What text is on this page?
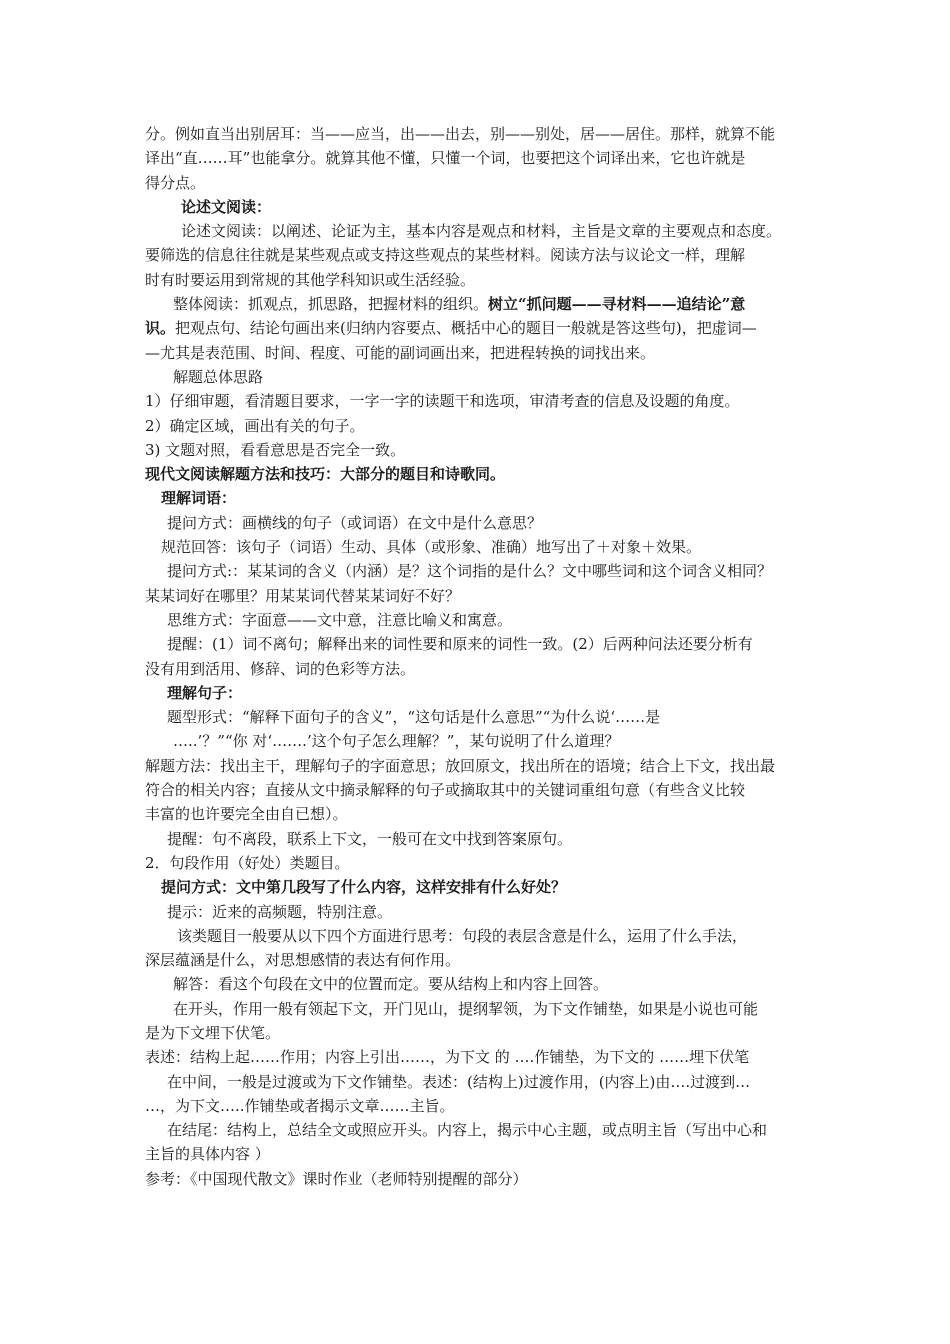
分。例如直当出别居耳：当——应当，出——出去，别——别处，居——居住。那样，就算不能
译出“直……耳”也能拿分。就算其他不懂，只懂一个词，也要把这个词译出来，它也许就是
得分点。
论述文阅读：
论述文阅读：以阐述、论证为主，基本内容是观点和材料，主旨是文章的主要观点和态度。
要筛选的信息往往就是某些观点或支持这些观点的某些材料。阅读方法与议论文一样，理解
时有时要运用到常规的其他学科知识或生活经验。
整体阅读：抓观点，抓思路，把握材料的组织。树立“抓问题——寻材料——追结论”意
识。把观点句、结论句画出来(归纳内容要点、概括中心的题目一般就是答这些句)，把虚词—
—尤其是表范围、时间、程度、可能的副词画出来，把进程转换的词找出来。
解题总体思路
1）仔细审题，看清题目要求，一字一字的读题干和选项，审清考查的信息及设题的角度。
2）确定区域，画出有关的句子。
3) 文题对照，看看意思是否完全一致。
现代文阅读解题方法和技巧：大部分的题目和诗歌同。
理解词语：
提问方式：画横线的句子（或词语）在文中是什么意思？
规范回答：该句子（词语）生动、具体（或形象、准确）地写出了＋对象＋效果。
提问方式:：某某词的含义（内涵）是？这个词指的是什么？文中哪些词和这个词含义相同？
某某词好在哪里？用某某词代替某某词好不好？
思维方式：字面意——文中意，注意比喻义和寓意。
提醒：(1）词不离句；解释出来的词性要和原来的词性一致。(2）后两种问法还要分析有
没有用到活用、修辞、词的色彩等方法。
理解句子：
题型形式：“解释下面句子的含义”，“这句话是什么意思”“为什么说‘……是
…..’？”“你 对‘…….’这个句子怎么理解？”，某句说明了什么道理？
解题方法：找出主干，理解句子的字面意思；放回原文，找出所在的语境；结合上下文，找出最
符合的相关内容；直接从文中摘录解释的句子或摘取其中的关键词重组句意（有些含义比较
丰富的也许要完全由自已想）。
提醒：句不离段，联系上下文，一般可在文中找到答案原句。
2．句段作用（好处）类题目。
提问方式：文中第几段写了什么内容，这样安排有什么好处？
提示：近来的高频题，特别注意。
该类题目一般要从以下四个方面进行思考：句段的表层含意是什么，运用了什么手法，
深层蕴涵是什么，对思想感情的表达有何作用。
解答：看这个句段在文中的位置而定。要从结构上和内容上回答。
在开头，作用一般有领起下文，开门见山，提纲挈领，为下文作铺垫，如果是小说也可能
是为下文埋下伏笔。
表述：结构上起……作用；内容上引出……，为下文 的 ….作铺垫，为下文的 ……埋下伏笔
在中间，一般是过渡或为下文作铺垫。表述：(结构上)过渡作用，(内容上)由….过渡到…
…，为下文…..作铺垫或者揭示文章……主旨。
在结尾：结构上，总结全文或照应开头。内容上，揭示中心主题，或点明主旨（写出中心和
主旨的具体内容 ）
参考：《中国现代散文》课时作业（老师特别提醒的部分）
